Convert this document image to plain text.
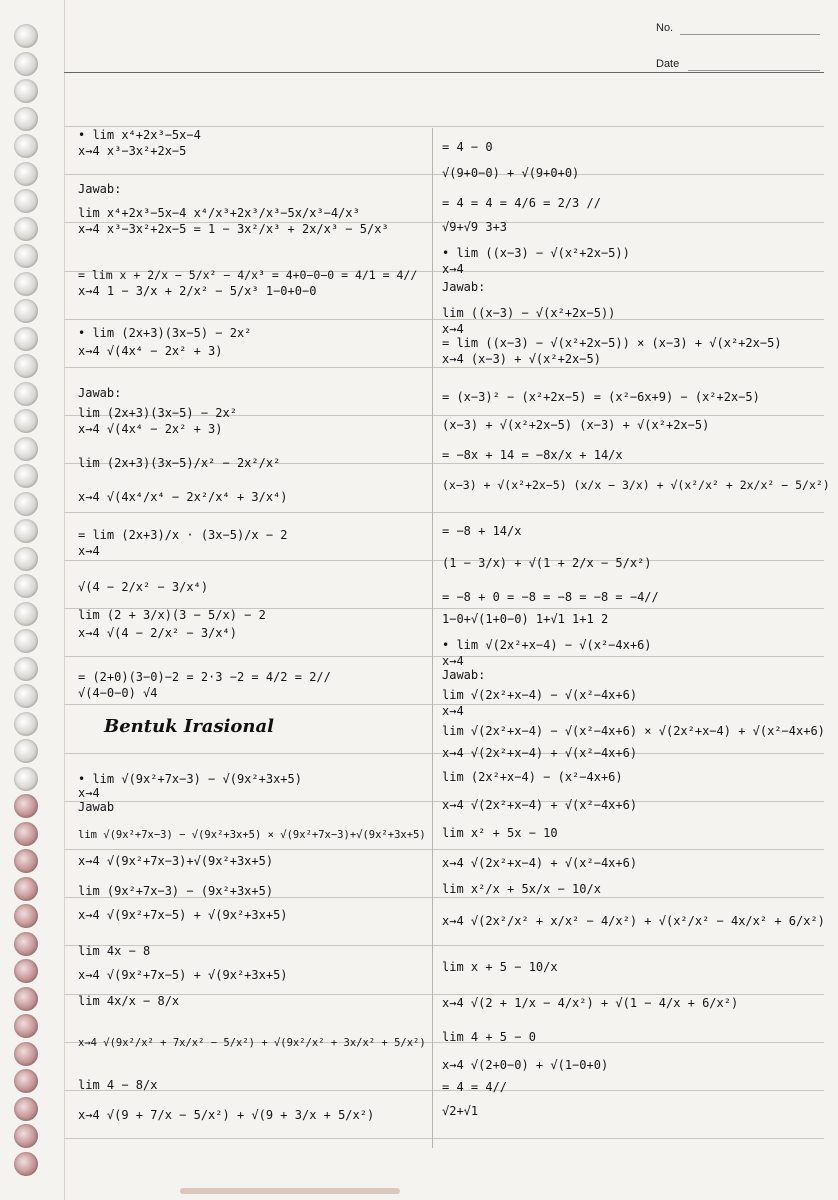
No.
Date
• lim x⁴+2x³−5x−4
x→4 x³−3x²+2x−5
Jawab:
lim x⁴+2x³−5x−4 x⁴/x³+2x³/x³−5x/x³−4/x³
x→4 x³−3x²+2x−5 = 1 − 3x²/x³ + 2x/x³ − 5/x³
= lim x + 2/x − 5/x² − 4/x³ = 4+0−0−0 = 4/1 = 4//
x→4 1 − 3/x + 2/x² − 5/x³ 1−0+0−0
• lim (2x+3)(3x−5) − 2x²
x→4 √(4x⁴ − 2x² + 3)
Jawab:
lim (2x+3)(3x−5) − 2x²
x→4 √(4x⁴ − 2x² + 3)
lim (2x+3)(3x−5)/x² − 2x²/x²
x→4 √(4x⁴/x⁴ − 2x²/x⁴ + 3/x⁴)
= lim (2x+3)/x · (3x−5)/x − 2
x→4
√(4 − 2/x² − 3/x⁴)
lim (2 + 3/x)(3 − 5/x) − 2
x→4 √(4 − 2/x² − 3/x⁴)
= (2+0)(3−0)−2 = 2·3 −2 = 4/2 = 2//
√(4−0−0) √4
• lim √(9x²+7x−3) − √(9x²+3x+5)
x→4
Jawab
lim √(9x²+7x−3) − √(9x²+3x+5) × √(9x²+7x−3)+√(9x²+3x+5)
x→4 √(9x²+7x−3)+√(9x²+3x+5)
lim (9x²+7x−3) − (9x²+3x+5)
x→4 √(9x²+7x−5) + √(9x²+3x+5)
lim 4x − 8
x→4 √(9x²+7x−5) + √(9x²+3x+5)
lim 4x/x − 8/x
x→4 √(9x²/x² + 7x/x² − 5/x²) + √(9x²/x² + 3x/x² + 5/x²)
lim 4 − 8/x
x→4 √(9 + 7/x − 5/x²) + √(9 + 3/x + 5/x²)
= 4 − 0
√(9+0−0) + √(9+0+0)
= 4 = 4 = 4/6 = 2/3 //
√9+√9 3+3
• lim ((x−3) − √(x²+2x−5))
x→4
Jawab:
lim ((x−3) − √(x²+2x−5))
x→4
= lim ((x−3) − √(x²+2x−5)) × (x−3) + √(x²+2x−5)
x→4 (x−3) + √(x²+2x−5)
= (x−3)² − (x²+2x−5) = (x²−6x+9) − (x²+2x−5)
(x−3) + √(x²+2x−5) (x−3) + √(x²+2x−5)
= −8x + 14 = −8x/x + 14/x
(x−3) + √(x²+2x−5) (x/x − 3/x) + √(x²/x² + 2x/x² − 5/x²)
= −8 + 14/x
(1 − 3/x) + √(1 + 2/x − 5/x²)
= −8 + 0 = −8 = −8 = −8 = −4//
1−0+√(1+0−0) 1+√1 1+1 2
• lim √(2x²+x−4) − √(x²−4x+6)
x→4
Jawab:
lim √(2x²+x−4) − √(x²−4x+6)
x→4
lim √(2x²+x−4) − √(x²−4x+6) × √(2x²+x−4) + √(x²−4x+6)
x→4 √(2x²+x−4) + √(x²−4x+6)
lim (2x²+x−4) − (x²−4x+6)
x→4 √(2x²+x−4) + √(x²−4x+6)
lim x² + 5x − 10
x→4 √(2x²+x−4) + √(x²−4x+6)
lim x²/x + 5x/x − 10/x
x→4 √(2x²/x² + x/x² − 4/x²) + √(x²/x² − 4x/x² + 6/x²)
lim x + 5 − 10/x
x→4 √(2 + 1/x − 4/x²) + √(1 − 4/x + 6/x²)
lim 4 + 5 − 0
x→4 √(2+0−0) + √(1−0+0)
= 4 = 4//
√2+√1
Bentuk Irasional
